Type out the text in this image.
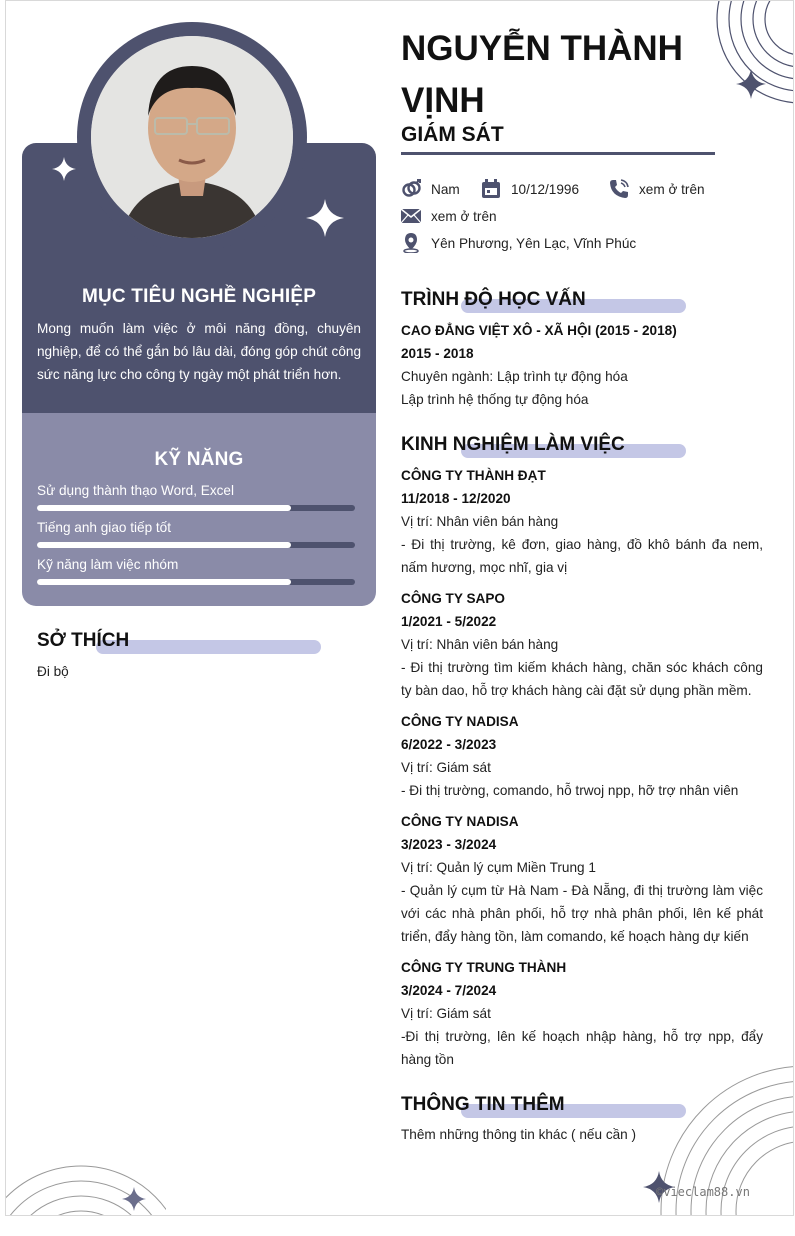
MỤC TIÊU NGHỀ NGHIỆP
Mong muốn làm việc ở môi năng đồng, chuyên nghiệp, để có thể gắn bó lâu dài, đóng góp chút công sức năng lực cho công ty ngày một phát triển hơn.
KỸ NĂNG
Sử dụng thành thạo Word, Excel
Tiếng anh giao tiếp tốt
Kỹ năng làm việc nhóm
SỞ THÍCH
Đi bộ
NGUYỄN THÀNH
VỊNH
GIÁM SÁT
Nam	10/12/1996	xem ở trên
xem ở trên
Yên Phương, Yên Lạc, Vĩnh Phúc
TRÌNH ĐỘ HỌC VẤN
CAO ĐẲNG VIỆT XÔ - XÃ HỘI (2015 - 2018)
2015 - 2018
Chuyên ngành: Lập trình tự động hóa
Lập trình hệ thống tự động hóa
KINH NGHIỆM LÀM VIỆC
CÔNG TY THÀNH ĐẠT
11/2018 - 12/2020
Vị trí: Nhân viên bán hàng
- Đi thị trường, kê đơn, giao hàng, đồ khô bánh đa nem, nấm hương, mọc nhĩ, gia vị
CÔNG TY SAPO
1/2021 - 5/2022
Vị trí: Nhân viên bán hàng
- Đi thị trường tìm kiếm khách hàng, chăn sóc khách công ty bàn dao, hỗ trợ khách hàng cài đặt sử dụng phần mềm.
CÔNG TY NADISA
6/2022 - 3/2023
Vị trí: Giám sát
- Đi thị trường, comando, hỗ trwoj npp, hỡ trợ nhân viên
CÔNG TY NADISA
3/2023 - 3/2024
Vị trí: Quản lý cụm Miền Trung 1
- Quản lý cụm từ Hà Nam - Đà Nẵng, đi thị trường làm việc với các nhà phân phối, hỗ trợ nhà phân phối, lên kế phát triển, đẩy hàng tồn, làm comando, kế hoạch hàng dự kiến
CÔNG TY TRUNG THÀNH
3/2024 - 7/2024
Vị trí: Giám sát
-Đi thị trường, lên kế hoạch nhập hàng, hỗ trợ npp, đẩy hàng tồn
THÔNG TIN THÊM
Thêm những thông tin khác ( nếu cần )
©vieclam88.vn
